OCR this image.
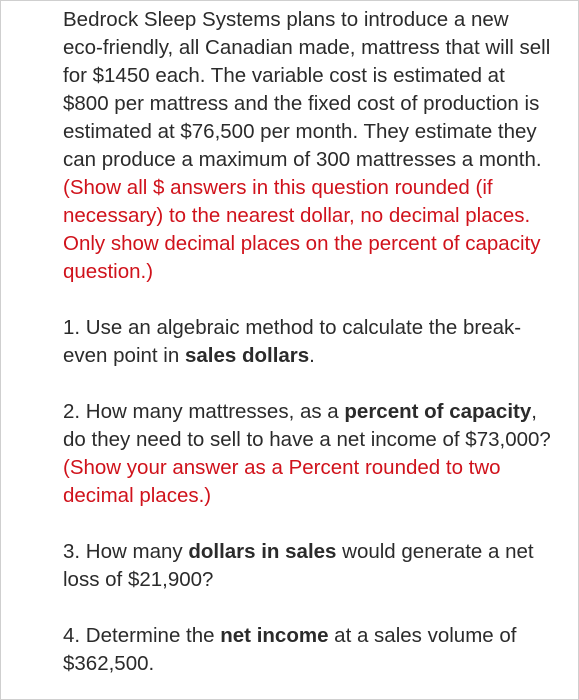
Bedrock Sleep Systems plans to introduce a new eco-friendly, all Canadian made, mattress that will sell for $1450 each. The variable cost is estimated at $800 per mattress and the fixed cost of production is estimated at $76,500 per month. They estimate they can produce a maximum of 300 mattresses a month. (Show all $ answers in this question rounded (if necessary) to the nearest dollar, no decimal places. Only show decimal places on the percent of capacity question.)

1. Use an algebraic method to calculate the break-even point in sales dollars.

2. How many mattresses, as a percent of capacity, do they need to sell to have a net income of $73,000? (Show your answer as a Percent rounded to two decimal places.)

3. How many dollars in sales would generate a net loss of $21,900?

4. Determine the net income at a sales volume of $362,500.
